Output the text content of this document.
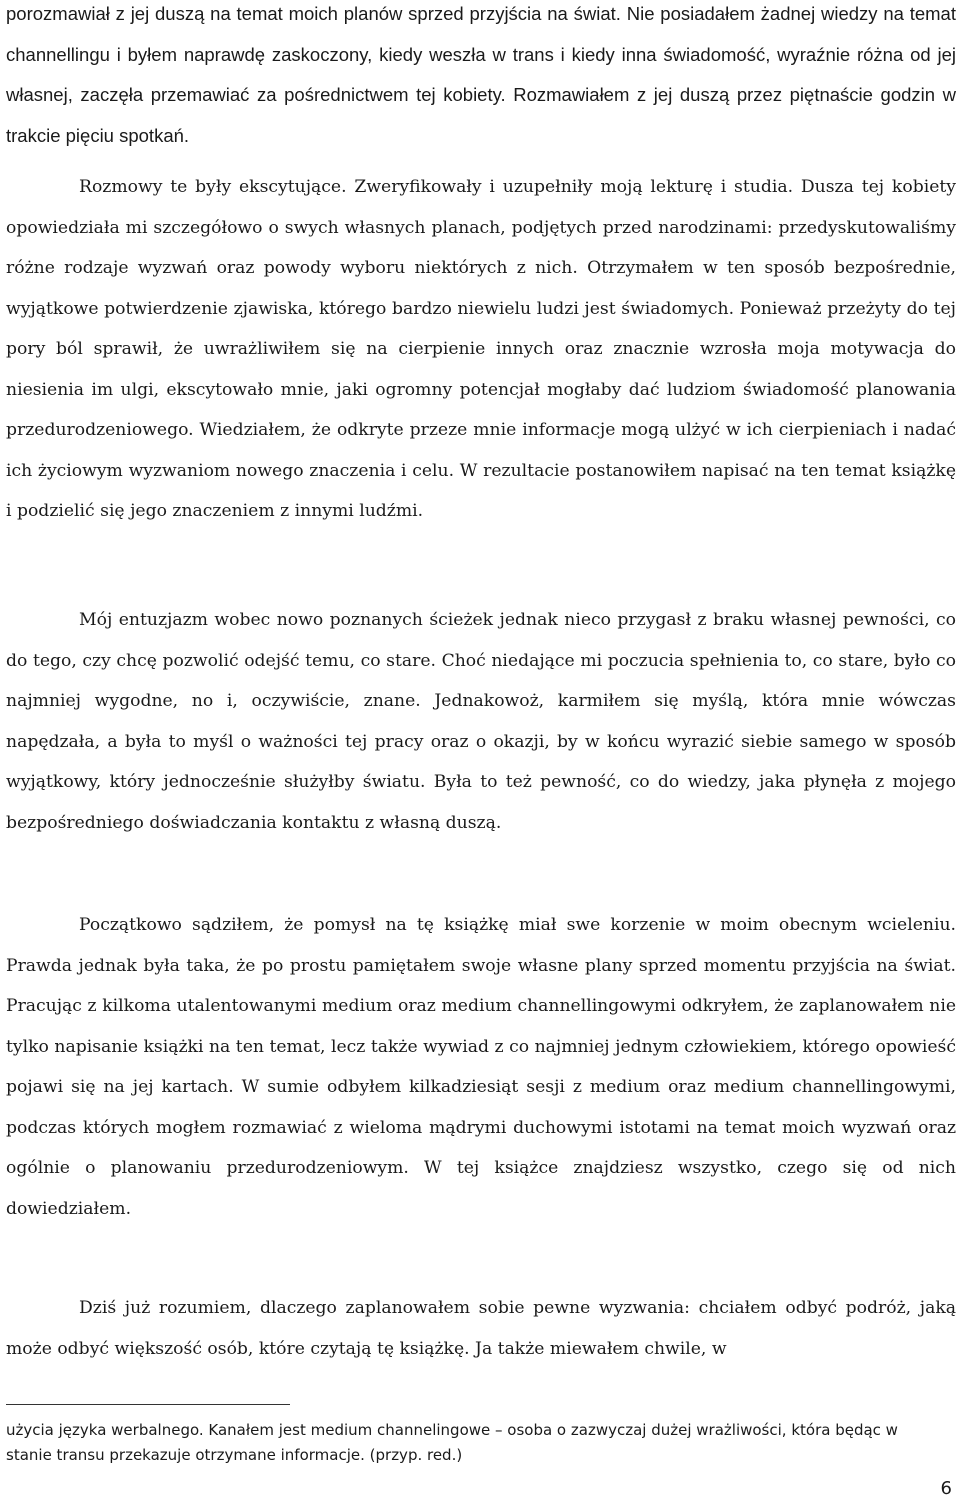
porozmawiał z jej duszą na temat moich planów sprzed przyjścia na świat. Nie posiadałem żadnej wiedzy na temat channellingu i byłem naprawdę zaskoczony, kiedy weszła w trans i kiedy inna świadomość, wyraźnie różna od jej własnej, zaczęła przemawiać za pośrednictwem tej kobiety. Rozmawiałem z jej duszą przez piętnaście godzin w trakcie pięciu spotkań.

Rozmowy te były ekscytujące. Zweryfikowały i uzupełniły moją lekturę i studia. Dusza tej kobiety opowiedziała mi szczegółowo o swych własnych planach, podjętych przed narodzinami: przedyskutowaliśmy różne rodzaje wyzwań oraz powody wyboru niektórych z nich. Otrzymałem w ten sposób bezpośrednie, wyjątkowe potwierdzenie zjawiska, którego bardzo niewielu ludzi jest świadomych. Ponieważ przeżyty do tej pory ból sprawił, że uwrażliwiłem się na cierpienie innych oraz znacznie wzrosła moja motywacja do niesienia im ulgi, ekscytowało mnie, jaki ogromny potencjał mogłaby dać ludziom świadomość planowania przedurodzeniowego. Wiedziałem, że odkryte przeze mnie informacje mogą ulżyć w ich cierpieniach i nadać ich życiowym wyzwaniom nowego znaczenia i celu. W rezultacie postanowiłem napisać na ten temat książkę i podzielić się jego znaczeniem z innymi ludźmi.

Mój entuzjazm wobec nowo poznanych ścieżek jednak nieco przygasł z braku własnej pewności, co do tego, czy chcę pozwolić odejść temu, co stare. Choć niedające mi poczucia spełnienia to, co stare, było co najmniej wygodne, no i, oczywiście, znane. Jednakowoż, karmiłem się myślą, która mnie wówczas napędzała, a była to myśl o ważności tej pracy oraz o okazji, by w końcu wyrazić siebie samego w sposób wyjątkowy, który jednocześnie służyłby światu. Była to też pewność, co do wiedzy, jaka płynęła z mojego bezpośredniego doświadczania kontaktu z własną duszą.

Początkowo sądziłem, że pomysł na tę książkę miał swe korzenie w moim obecnym wcieleniu. Prawda jednak była taka, że po prostu pamiętałem swoje własne plany sprzed momentu przyjścia na świat. Pracując z kilkoma utalentowanymi medium oraz medium channellingowymi odkryłem, że zaplanowałem nie tylko napisanie książki na ten temat, lecz także wywiad z co najmniej jednym człowiekiem, którego opowieść pojawi się na jej kartach. W sumie odbyłem kilkadziesiąt sesji z medium oraz medium channellingowymi, podczas których mogłem rozmawiać z wieloma mądrymi duchowymi istotami na temat moich wyzwań oraz ogólnie o planowaniu przedurodzeniowym. W tej książce znajdziesz wszystko, czego się od nich dowiedziałem.

Dziś już rozumiem, dlaczego zaplanowałem sobie pewne wyzwania: chciałem odbyć podróż, jaką może odbyć większość osób, które czytają tę książkę. Ja także miewałem chwile, w

użycia języka werbalnego. Kanałem jest medium channelingowe – osoba o zazwyczaj dużej wrażliwości, która będąc w stanie transu przekazuje otrzymane informacje. (przyp. red.)

6
